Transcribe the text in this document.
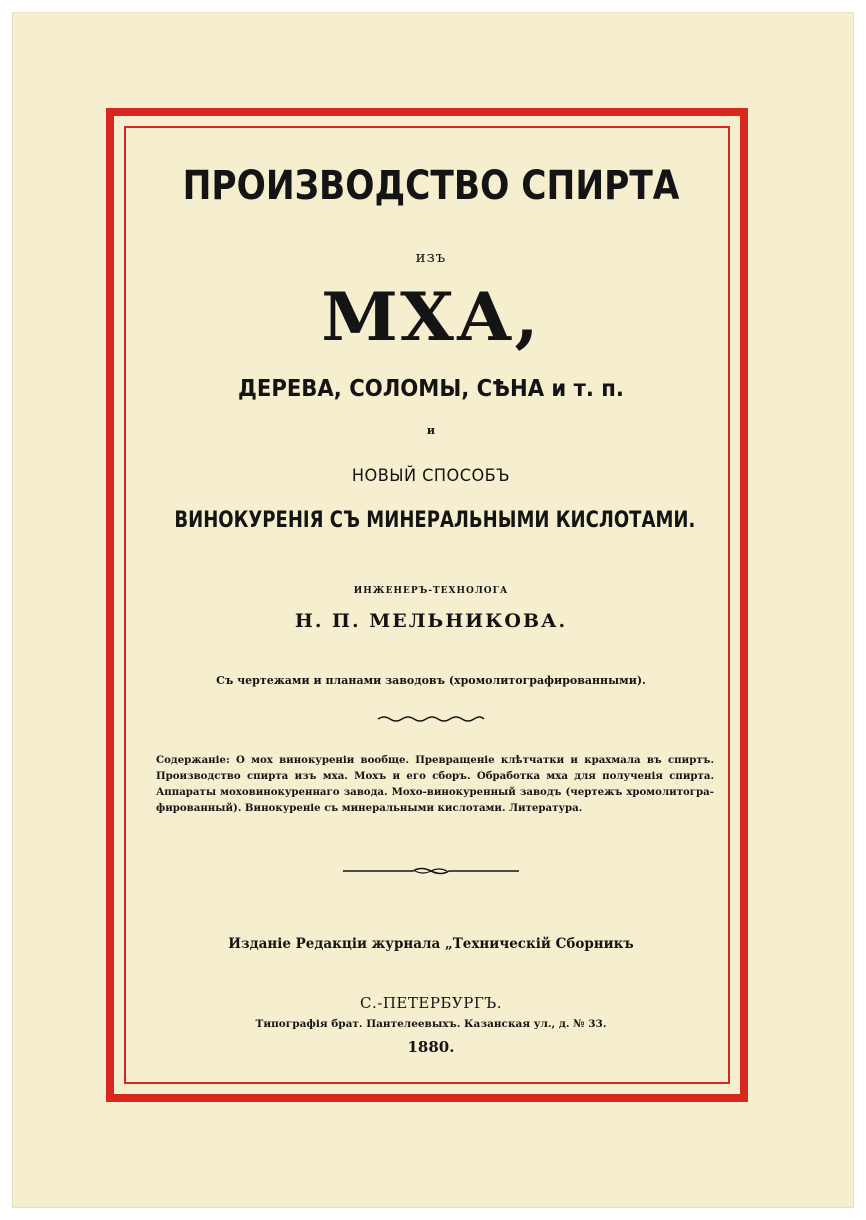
ПРОИЗВОДСТВО СПИРТА
изъ
МХА,
ДЕРЕВА, СОЛОМЫ, СѢНА и т. п.
и
НОВЫЙ СПОСОБЪ
ВИНОКУРЕНІЯ СЪ МИНЕРАЛЬНЫМИ КИСЛОТАМИ.
ИНЖЕНЕРЪ-ТЕХНОЛОГА
Н. П. МЕЛЬНИКОВА.
Съ чертежами и планами заводовъ (хромолитографированными).
Содержаніе: О мох винокуреніи вообще. Превращеніе клѣтчатки и крахмала въ спиртъ.
Производство спирта изъ мха. Мохъ и его сборъ. Обработка мха для полученія спирта.
Аппараты моховинокуреннаго завода. Мохо-винокуренный заводъ (чертежъ хромолитогра-
фированный). Винокуреніе съ минеральными кислотами. Литература.
Изданіе Редакціи журнала „Техническій Сборникъ
С.-ПЕТЕРБУРГЪ.
Типографія брат. Пантелеевыхъ. Казанская ул., д. № 33.
1880.
